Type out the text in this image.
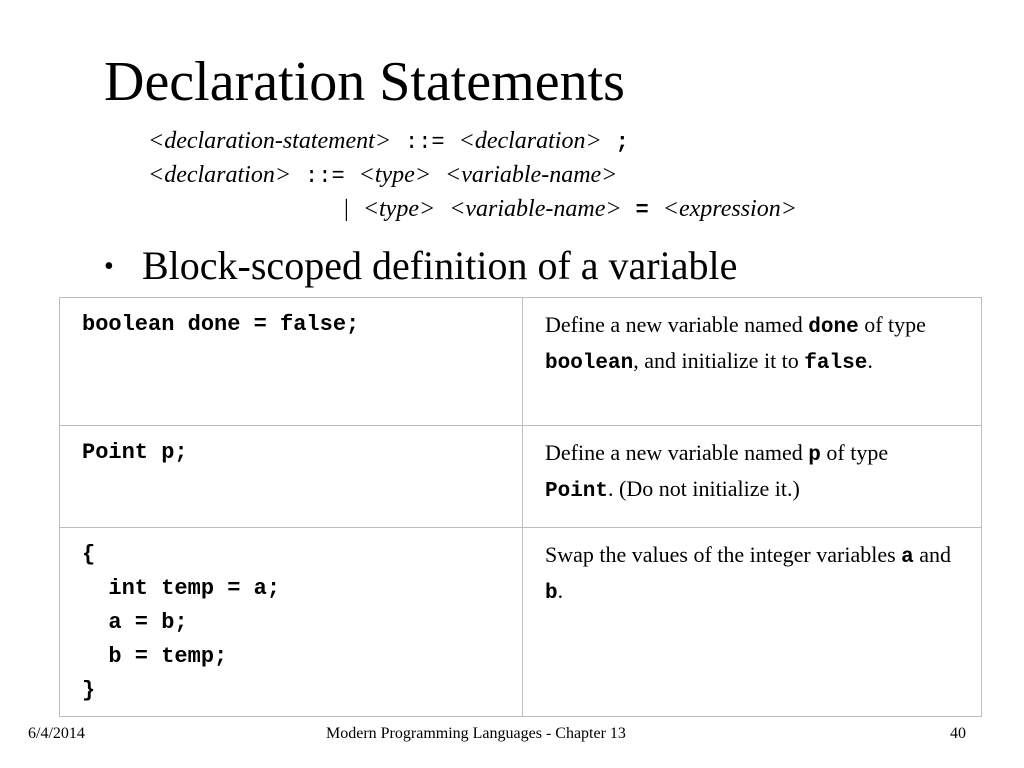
Declaration Statements
<declaration-statement> ::= <declaration> ;
<declaration> ::= <type> <variable-name>
| <type> <variable-name> = <expression>
• Block-scoped definition of a variable
boolean done = false;	Define a new variable named done of type boolean, and initialize it to false.
Point p;	Define a new variable named p of type Point. (Do not initialize it.)
{
int temp = a;
a = b;
b = temp;
}	Swap the values of the integer variables a and b.
6/4/2014	Modern Programming Languages - Chapter 13	40
